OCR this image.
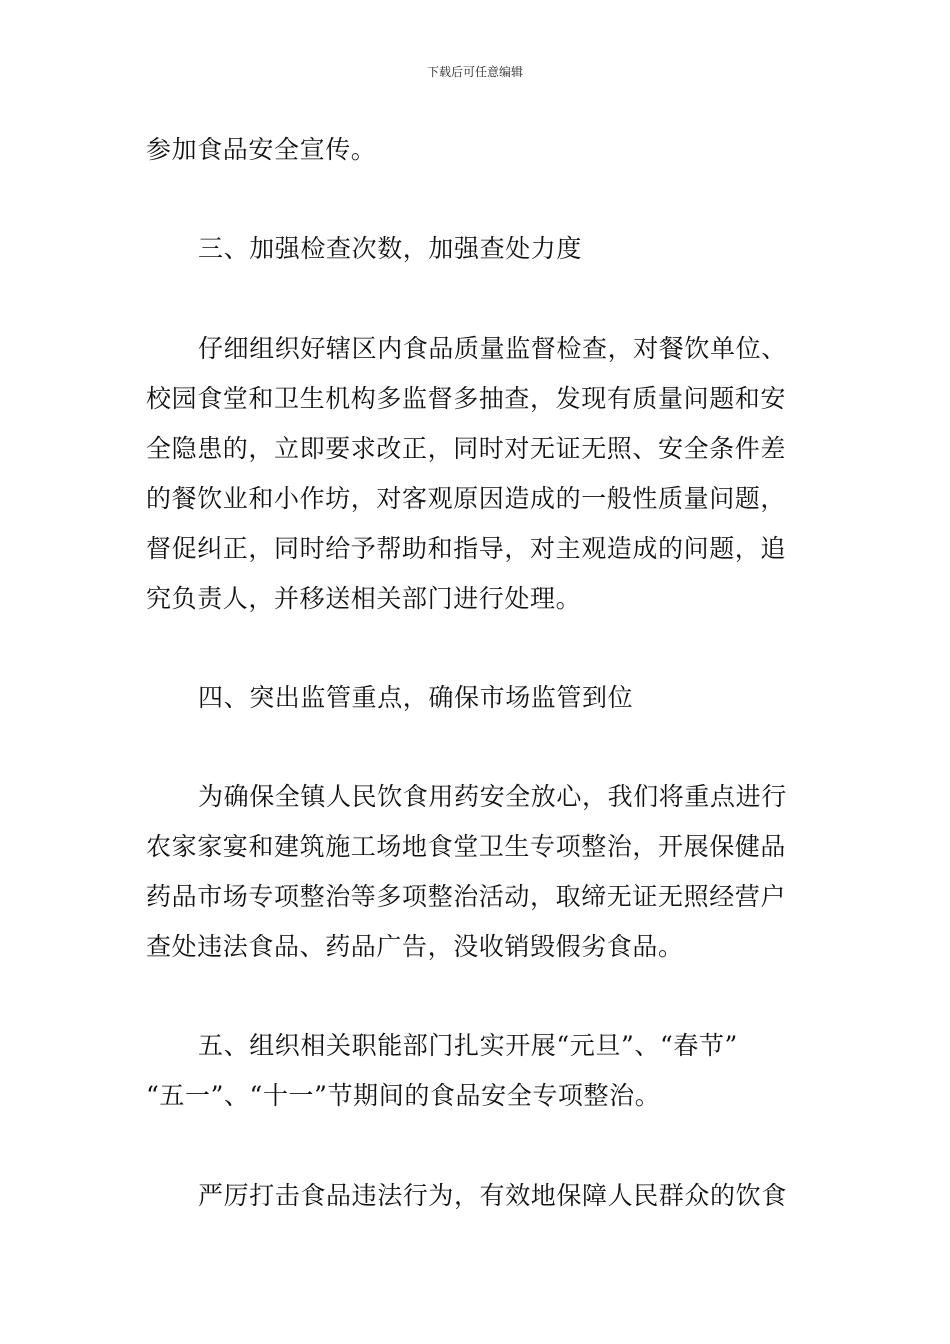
下载后可任意编辑
参加食品安全宣传。
三、加强检查次数，加强查处力度
仔细组织好辖区内食品质量监督检查，对餐饮单位、
校园食堂和卫生机构多监督多抽查，发现有质量问题和安
全隐患的，立即要求改正，同时对无证无照、安全条件差
的餐饮业和小作坊，对客观原因造成的一般性质量问题，
督促纠正，同时给予帮助和指导，对主观造成的问题，追
究负责人，并移送相关部门进行处理。
四、突出监管重点，确保市场监管到位
为确保全镇人民饮食用药安全放心，我们将重点进行
农家家宴和建筑施工场地食堂卫生专项整治，开展保健品
药品市场专项整治等多项整治活动，取缔无证无照经营户
查处违法食品、药品广告，没收销毁假劣食品。
五、组织相关职能部门扎实开展“元旦”、“春节”
“五一”、“十一”节期间的食品安全专项整治。
严厉打击食品违法行为，有效地保障人民群众的饮食
